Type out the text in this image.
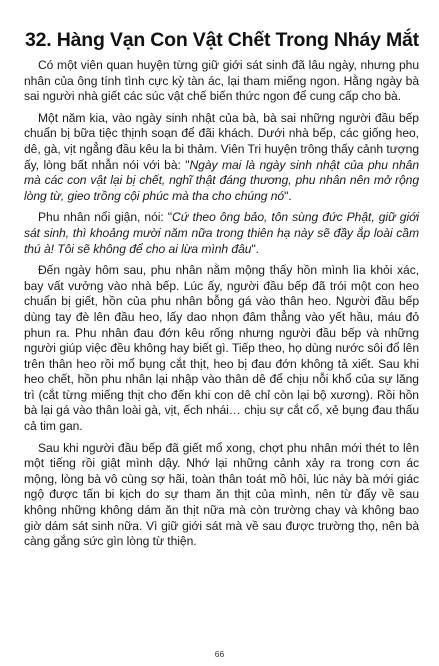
32. Hàng Vạn Con Vật Chết Trong Nháy Mắt

Có một viên quan huyện từng giữ giới sát sinh đã lâu ngày, nhưng phu nhân của ông tính tình cực kỳ tàn ác, lại tham miếng ngon. Hằng ngày bà sai người nhà giết các súc vật chế biến thức ngon để cung cấp cho bà.

Một năm kia, vào ngày sinh nhật của bà, bà sai những người đầu bếp chuẩn bị bữa tiệc thịnh soạn để đãi khách. Dưới nhà bếp, các giống heo, dê, gà, vịt ngẳng đầu kêu la bi thảm. Viên Tri huyện trông thấy cảnh tượng ấy, lòng bất nhẫn nói với bà: "Ngày mai là ngày sinh nhật của phu nhân mà các con vật lại bị chết, nghĩ thật đáng thương, phu nhân nên mở rộng lòng từ, gieo trồng cội phúc mà tha cho chúng nó".

Phu nhân nổi giận, nói: "Cứ theo ông bảo, tôn sùng đức Phật, giữ giới sát sinh, thì khoảng mười năm nữa trong thiên hạ này sẽ đầy ắp loài cầm thú à! Tôi sẽ không để cho ai lừa mình đâu".

Đến ngày hôm sau, phu nhân nằm mộng thấy hồn mình lìa khỏi xác, bay vất vưởng vào nhà bếp. Lúc ấy, người đầu bếp đã trói một con heo chuẩn bị giết, hồn của phu nhân bỗng gá vào thân heo. Người đầu bếp dùng tay đè lên đầu heo, lấy dao nhọn đâm thẳng vào yết hầu, máu đỏ phun ra. Phu nhân đau đớn kêu rống nhưng người đầu bếp và những người giúp việc đều không hay biết gì. Tiếp theo, họ dùng nước sôi đổ lên trên thân heo rồi mổ bụng cắt thịt, heo bị đau đớn không tả xiết. Sau khi heo chết, hồn phu nhân lại nhập vào thân dê để chịu nỗi khổ của sự lăng trì (cắt từng miếng thịt cho đến khi con dê chỉ còn lại bộ xương). Rồi hồn bà lại gá vào thân loài gà, vịt, ếch nhái… chịu sự cắt cổ, xẻ bụng đau thấu cả tim gan.

Sau khi người đầu bếp đã giết mổ xong, chợt phu nhân mới thét to lên một tiếng rồi giật mình dậy. Nhớ lại những cảnh xảy ra trong cơn ác mộng, lòng bà vô cùng sợ hãi, toàn thân toát mồ hôi, lúc này bà mới giác ngộ được tấn bi kịch do sự tham ăn thịt của mình, nên từ đấy về sau không những không dám ăn thịt nữa mà còn trường chay và không bao giờ dám sát sinh nữa. Vì giữ giới sát mà về sau được trường thọ, nên bà càng gắng sức gìn lòng từ thiện.

66
